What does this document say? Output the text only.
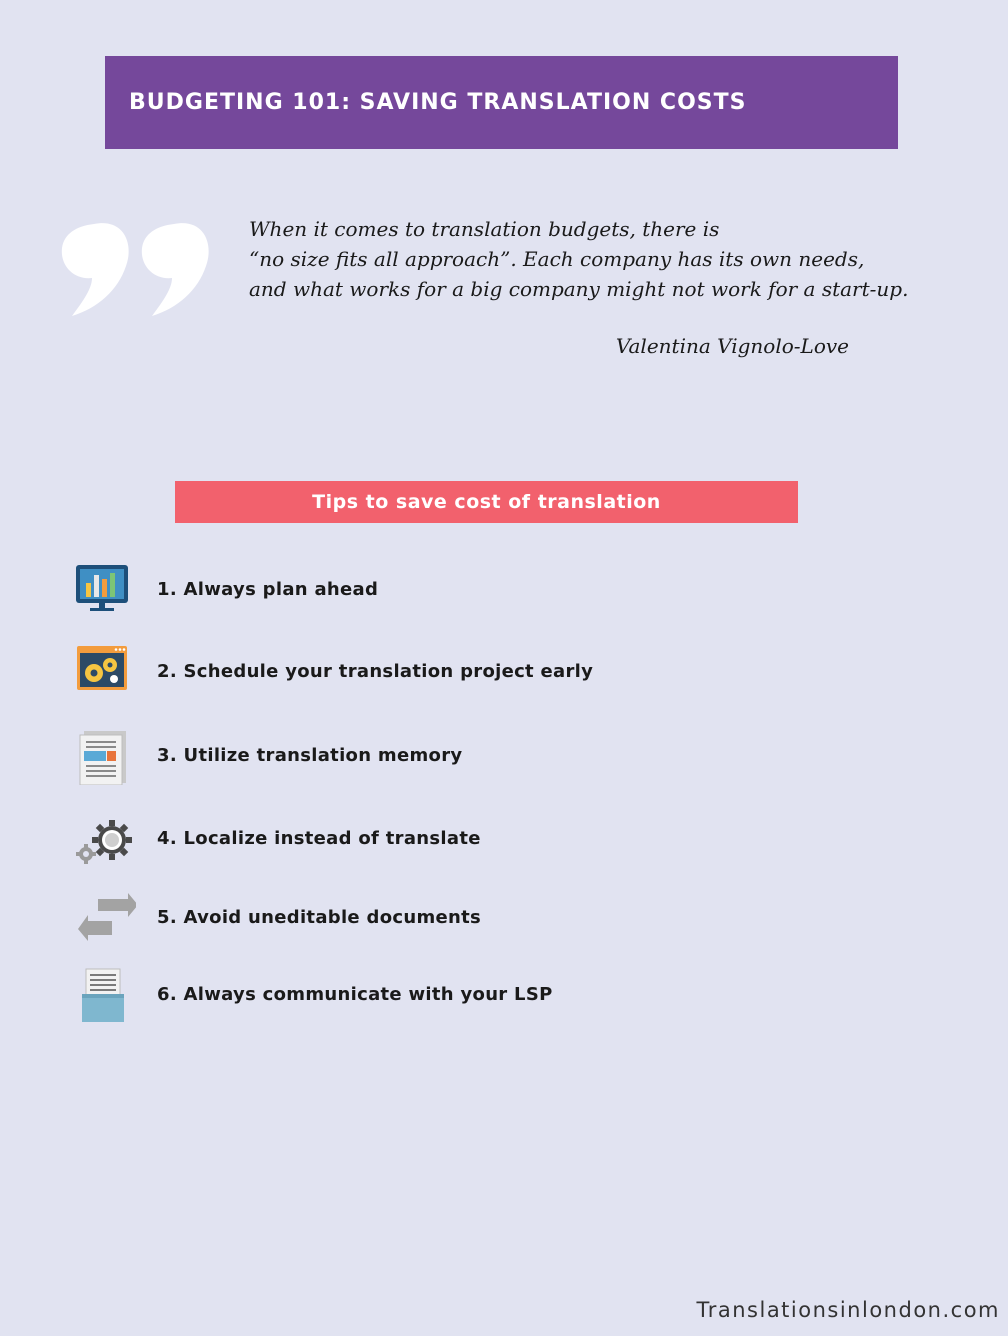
BUDGETING 101: SAVING TRANSLATION COSTS
When it comes to translation budgets, there is
“no size fits all approach”. Each company has its own needs,
and what works for a big company might not work for a start-up.
Valentina Vignolo-Love
Tips to save cost of translation
1. Always plan ahead
2. Schedule your translation project early
3. Utilize translation memory
4. Localize instead of translate
5. Avoid uneditable documents
6. Always communicate with your LSP
Translationsinlondon.com
